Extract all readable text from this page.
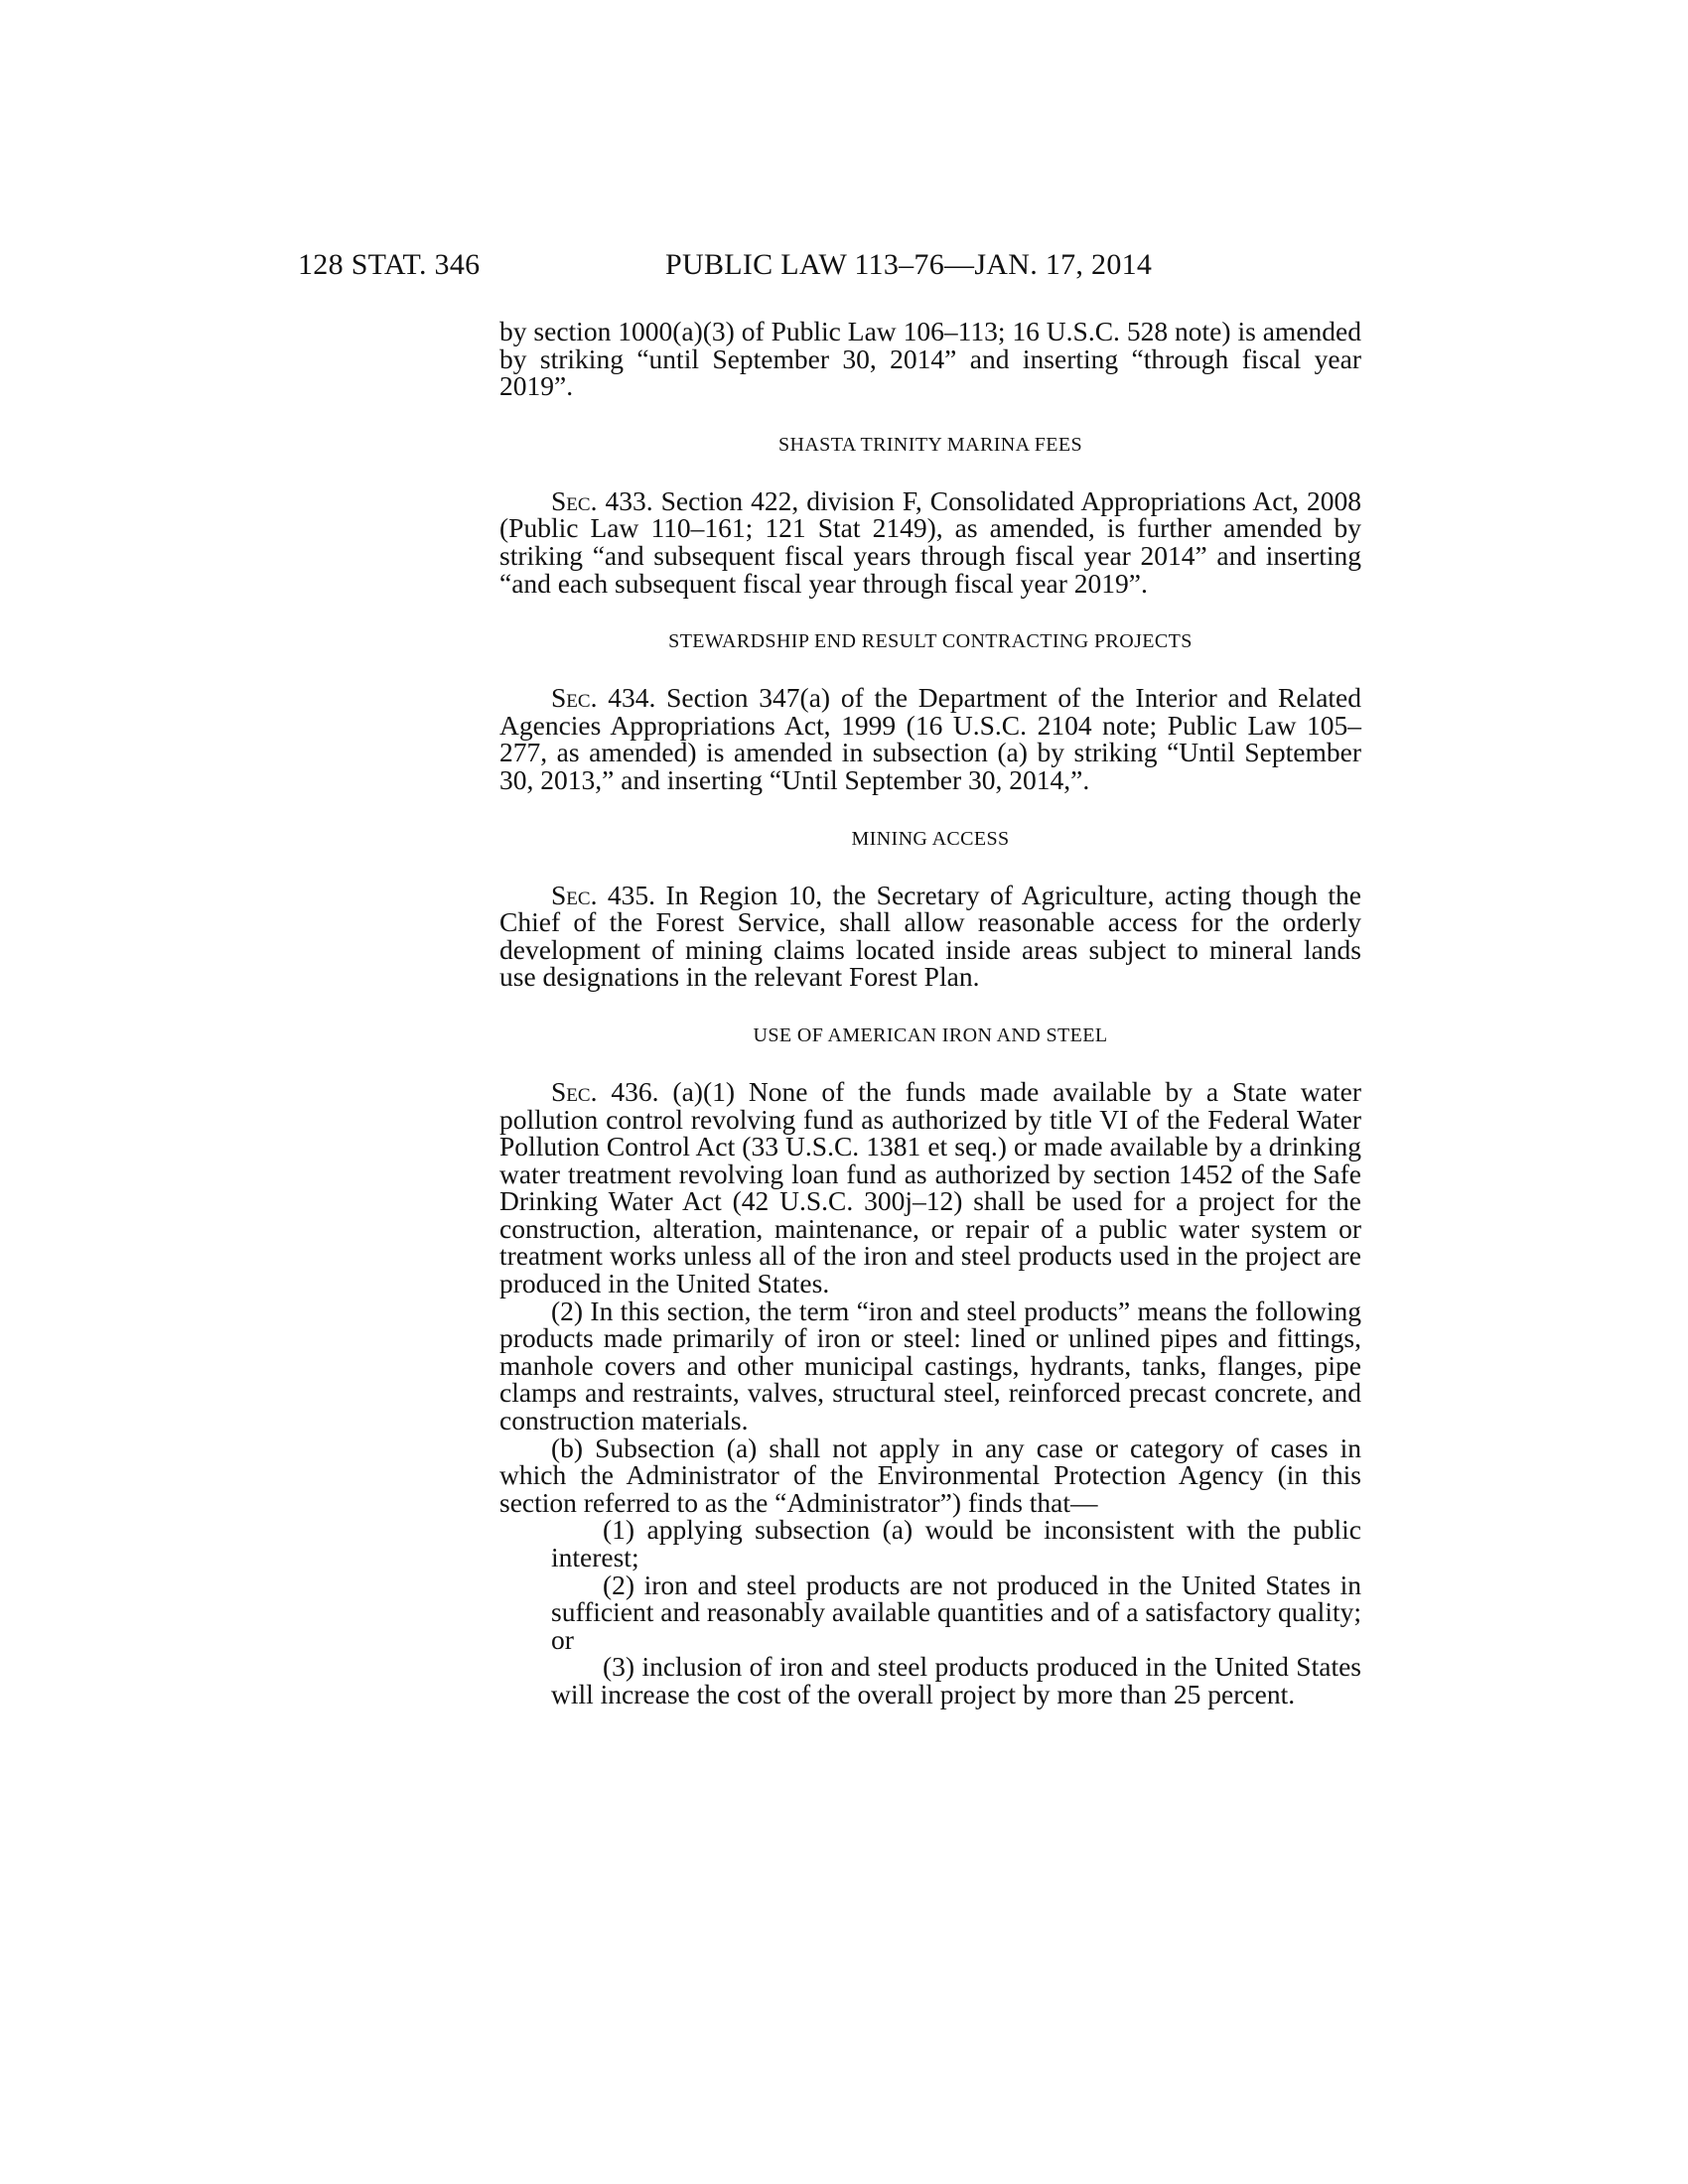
128 STAT. 346	PUBLIC LAW 113–76—JAN. 17, 2014

by section 1000(a)(3) of Public Law 106–113; 16 U.S.C. 528 note) is amended by striking “until September 30, 2014” and inserting “through fiscal year 2019”.

SHASTA TRINITY MARINA FEES

Sec. 433. Section 422, division F, Consolidated Appropriations Act, 2008 (Public Law 110–161; 121 Stat 2149), as amended, is further amended by striking “and subsequent fiscal years through fiscal year 2014” and inserting “and each subsequent fiscal year through fiscal year 2019”.

STEWARDSHIP END RESULT CONTRACTING PROJECTS

Sec. 434. Section 347(a) of the Department of the Interior and Related Agencies Appropriations Act, 1999 (16 U.S.C. 2104 note; Public Law 105–277, as amended) is amended in subsection (a) by striking “Until September 30, 2013,” and inserting “Until September 30, 2014,”.

MINING ACCESS

Sec. 435. In Region 10, the Secretary of Agriculture, acting though the Chief of the Forest Service, shall allow reasonable access for the orderly development of mining claims located inside areas subject to mineral lands use designations in the relevant Forest Plan.

USE OF AMERICAN IRON AND STEEL

Sec. 436. (a)(1) None of the funds made available by a State water pollution control revolving fund as authorized by title VI of the Federal Water Pollution Control Act (33 U.S.C. 1381 et seq.) or made available by a drinking water treatment revolving loan fund as authorized by section 1452 of the Safe Drinking Water Act (42 U.S.C. 300j–12) shall be used for a project for the construction, alteration, maintenance, or repair of a public water system or treatment works unless all of the iron and steel products used in the project are produced in the United States.

(2) In this section, the term “iron and steel products” means the following products made primarily of iron or steel: lined or unlined pipes and fittings, manhole covers and other municipal castings, hydrants, tanks, flanges, pipe clamps and restraints, valves, structural steel, reinforced precast concrete, and construction materials.

(b) Subsection (a) shall not apply in any case or category of cases in which the Administrator of the Environmental Protection Agency (in this section referred to as the “Administrator”) finds that—

(1) applying subsection (a) would be inconsistent with the public interest;

(2) iron and steel products are not produced in the United States in sufficient and reasonably available quantities and of a satisfactory quality; or

(3) inclusion of iron and steel products produced in the United States will increase the cost of the overall project by more than 25 percent.
